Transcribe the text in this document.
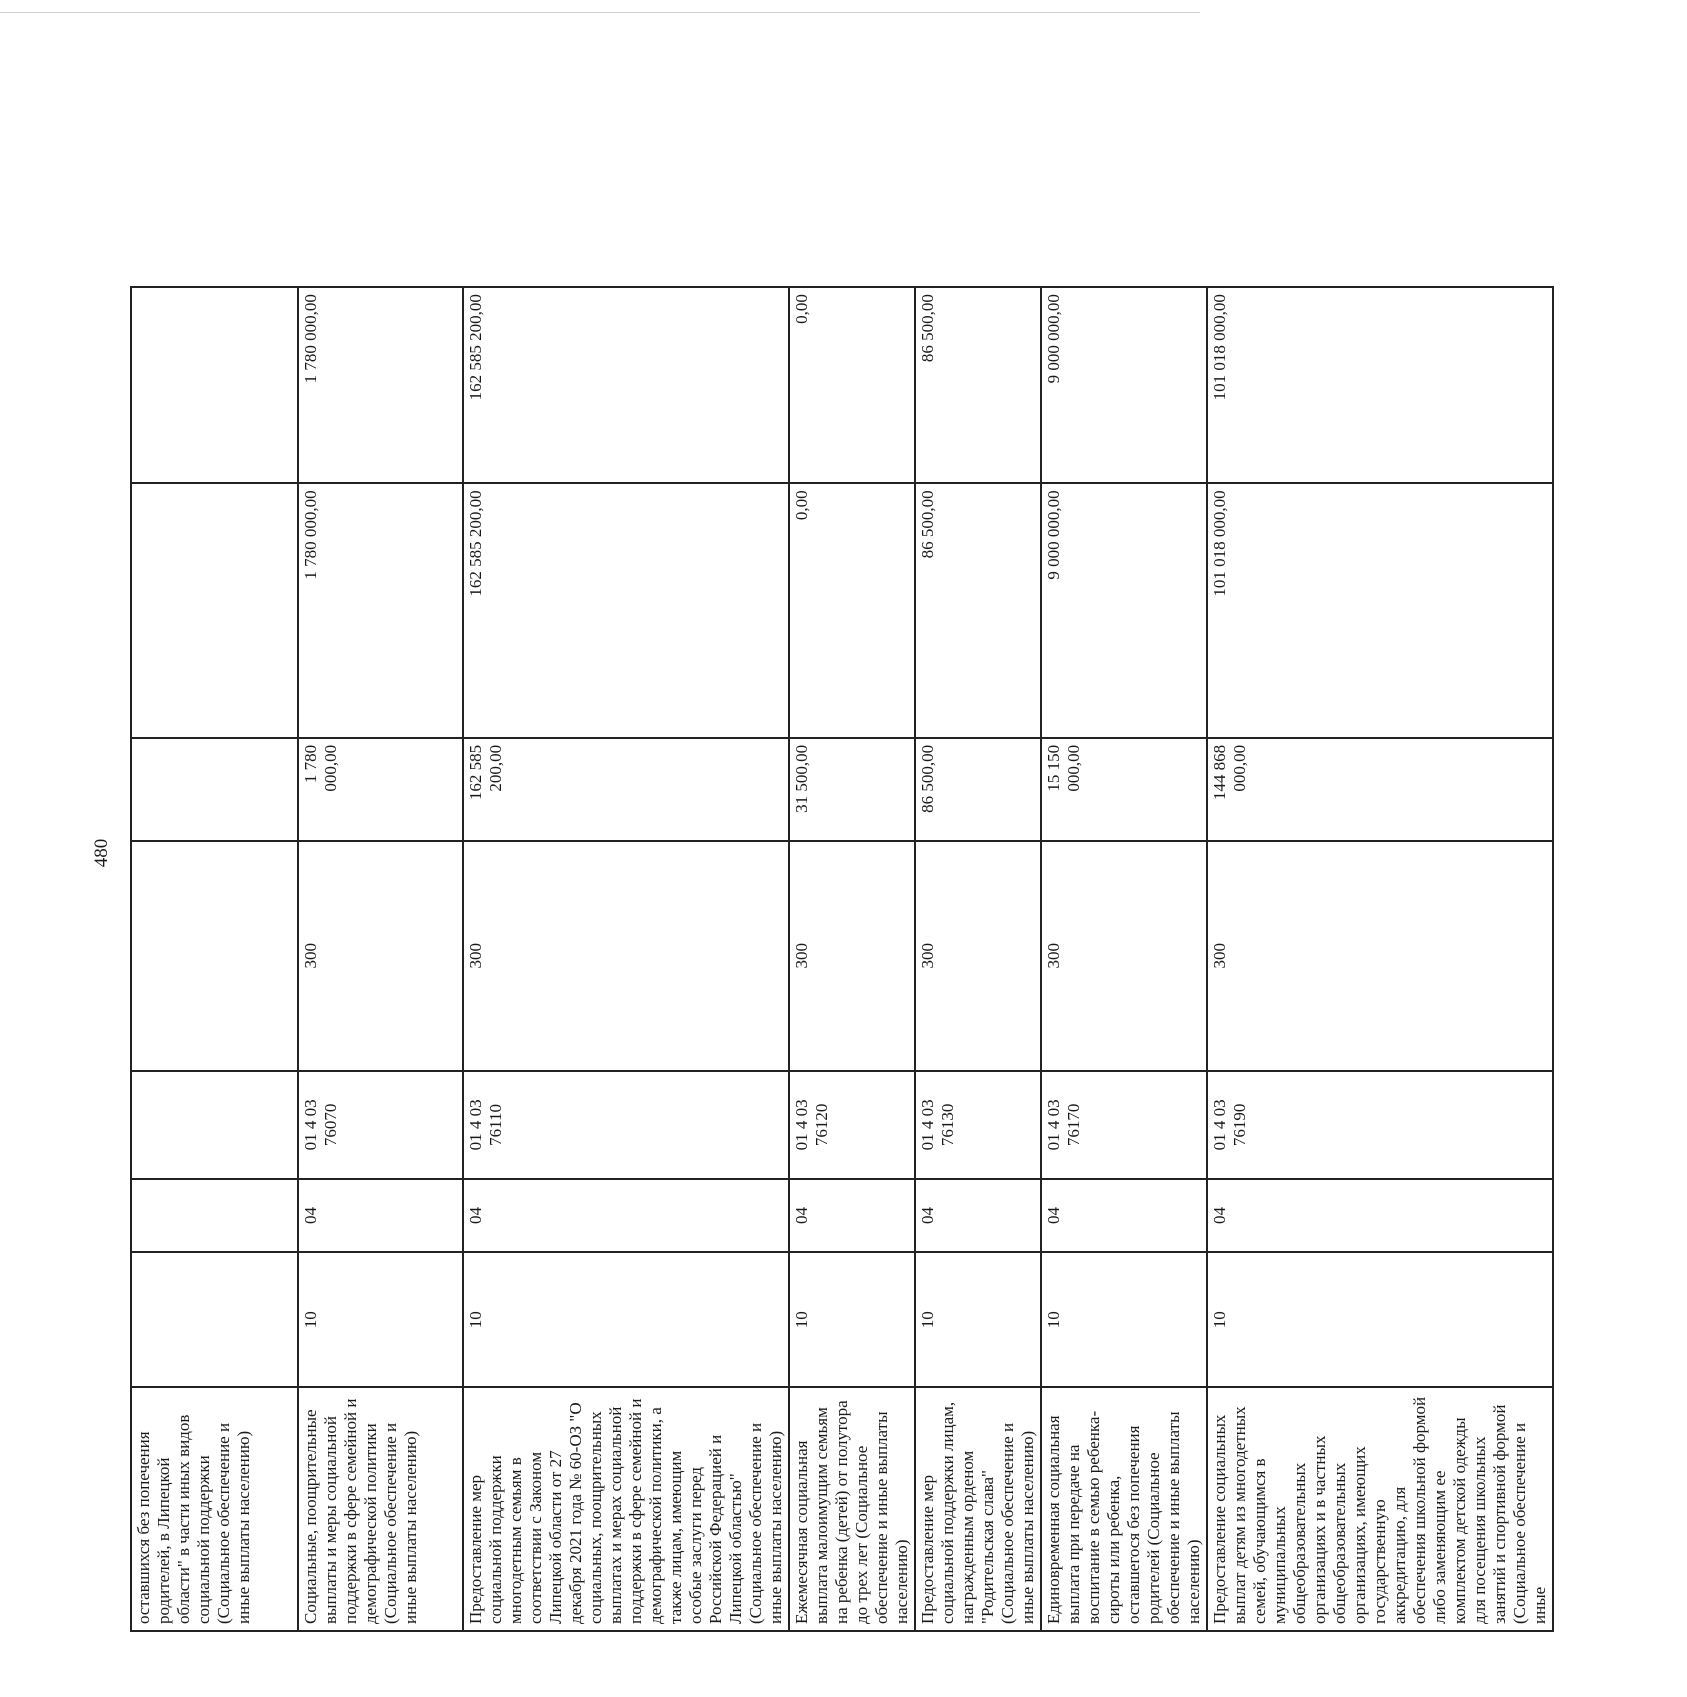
480
оставшихся без попечения родителей, в Липецкой области" в части иных видов социальной поддержки (Социальное обеспечение и иные выплаты населению)							
Социальные, поощрительные выплаты и меры социальной поддержки в сфере семейной и демографической политики (Социальное обеспечение и иные выплаты населению)	10	04	01 4 03 76070	300	1 780 000,00	1 780 000,00	1 780 000,00
Предоставление мер социальной поддержки многодетным семьям в соответствии с Законом Липецкой области от 27 декабря 2021 года № 60-ОЗ "О социальных, поощрительных выплатах и мерах социальной поддержки в сфере семейной и демографической политики, а также лицам, имеющим особые заслуги перед Российской Федерацией и Липецкой областью" (Социальное обеспечение и иные выплаты населению)	10	04	01 4 03 76110	300	162 585 200,00	162 585 200,00	162 585 200,00
Ежемесячная социальная выплата малоимущим семьям на ребенка (детей) от полутора до трех лет (Социальное обеспечение и иные выплаты населению)	10	04	01 4 03 76120	300	31 500,00	0,00	0,00
Предоставление мер социальной поддержки лицам, награжденным орденом "Родительская слава" (Социальное обеспечение и иные выплаты населению)	10	04	01 4 03 76130	300	86 500,00	86 500,00	86 500,00
Единовременная социальная выплата при передаче на воспитание в семью ребенка-сироты или ребенка, оставшегося без попечения родителей (Социальное обеспечение и иные выплаты населению)	10	04	01 4 03 76170	300	15 150 000,00	9 000 000,00	9 000 000,00
Предоставление социальных выплат детям из многодетных семей, обучающимся в муниципальных общеобразовательных организациях и в частных общеобразовательных организациях, имеющих государственную аккредитацию, для обеспечения школьной формой либо заменяющим ее комплектом детской одежды для посещения школьных занятий и спортивной формой (Социальное обеспечение и иные	10	04	01 4 03 76190	300	144 868 000,00	101 018 000,00	101 018 000,00
